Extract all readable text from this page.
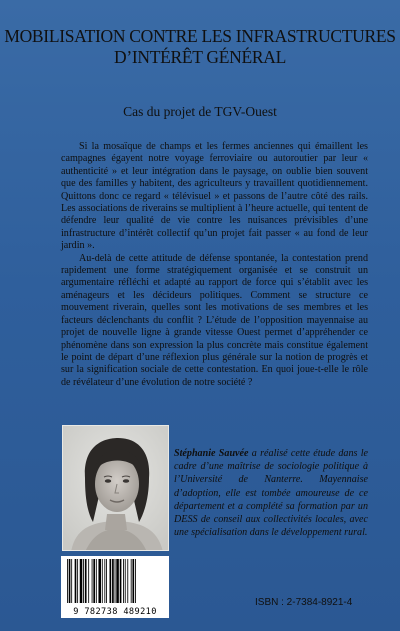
MOBILISATION CONTRE LES INFRASTRUCTURES
D’INTÉRÊT GÉNÉRAL
Cas du projet de TGV-Ouest

Si la mosaïque de champs et les fermes anciennes qui émaillent les campagnes égayent notre voyage ferroviaire ou autoroutier par leur « authenticité » et leur intégration dans le paysage, on oublie bien souvent que des familles y habitent, des agriculteurs y travaillent quotidiennement. Quittons donc ce regard « télévisuel » et passons de l’autre côté des rails. Les associations de riverains se multiplient à l’heure actuelle, qui tentent de défendre leur qualité de vie contre les nuisances prévisibles d’une infrastructure d’intérêt collectif qu’un projet fait passer « au fond de leur jardin ».

Au-delà de cette attitude de défense spontanée, la contestation prend rapidement une forme stratégiquement organisée et se construit un argumentaire réfléchi et adapté au rapport de force qui s’établit avec les aménageurs et les décideurs politiques. Comment se structure ce mouvement riverain, quelles sont les motivations de ses membres et les facteurs déclenchants du conflit ? L’étude de l’opposition mayennaise au projet de nouvelle ligne à grande vitesse Ouest permet d’appréhender ce phénomène dans son expression la plus concrète mais constitue également le point de départ d’une réflexion plus générale sur la notion de progrès et sur la signification sociale de cette contestation. En quoi joue-t-elle le rôle de révélateur d’une évolution de notre société ?

Stéphanie Sauvée a réalisé cette étude dans le cadre d’une maîtrise de sociologie politique à l’Université de Nanterre. Mayennaise d’adoption, elle est tombée amoureuse de ce département et a complété sa formation par un DESS de conseil aux collectivités locales, avec une spécialisation dans le développement rural.
9 782738 489210
ISBN : 2-7384-8921-4
